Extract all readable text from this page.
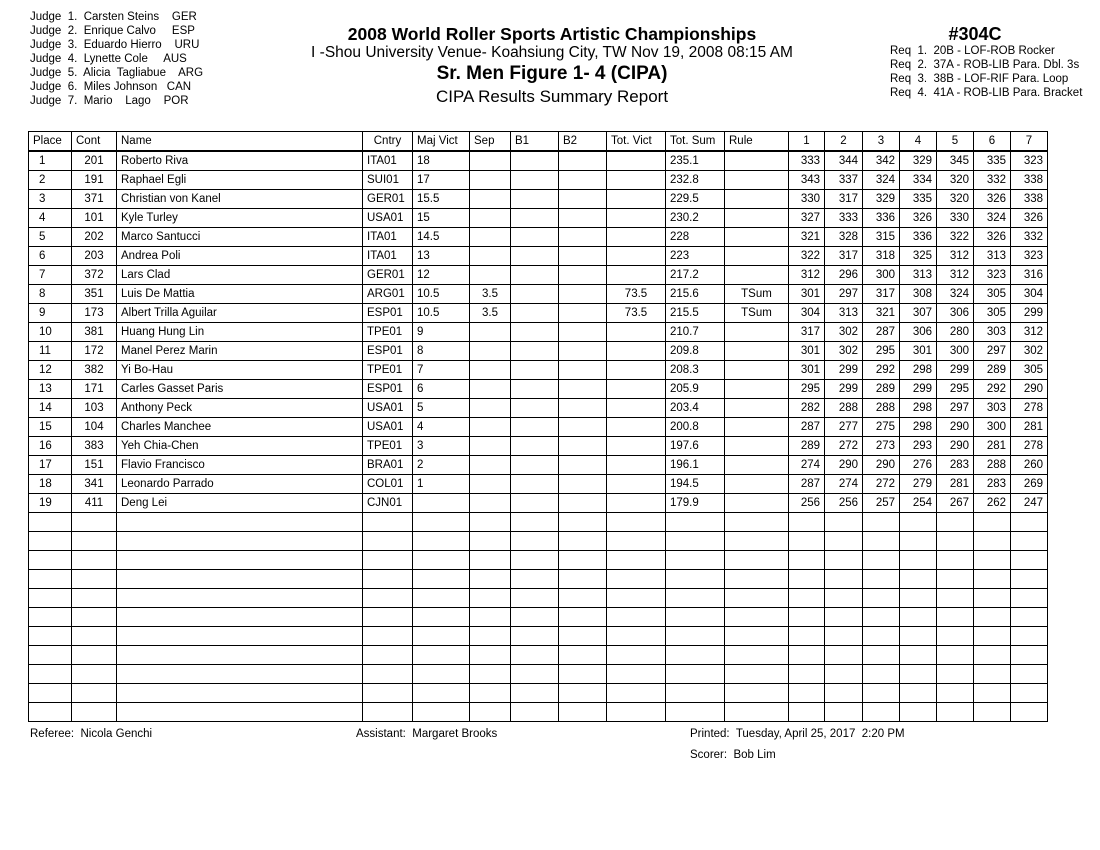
Judge  1.  Carsten Steins    GER
Judge  2.  Enrique Calvo     ESP
Judge  3.  Eduardo Hierro    URU
Judge  4.  Lynette Cole     AUS
Judge  5.  Alicia  Tagliabue    ARG
Judge  6.  Miles Johnson   CAN
Judge  7.  Mario    Lago    POR
2008 World Roller Sports Artistic Championships
I -Shou University Venue- Koahsiung City, TW Nov 19, 2008 08:15 AM
Sr. Men Figure 1- 4 (CIPA)
CIPA Results Summary Report
#304C
Req  1.  20B - LOF-ROB Rocker
Req  2.  37A - ROB-LIB Para. Dbl. 3s
Req  3.  38B - LOF-RIF Para. Loop
Req  4.  41A - ROB-LIB Para. Bracket
Place	Cont	Name	Cntry	Maj Vict	Sep	B1	B2	Tot. Vict	Tot. Sum	Rule	1	2	3	4	5	6	7
1	201	Roberto Riva	ITA01	18					235.1		333	344	342	329	345	335	323
2	191	Raphael Egli	SUI01	17					232.8		343	337	324	334	320	332	338
3	371	Christian von Kanel	GER01	15.5					229.5		330	317	329	335	320	326	338
4	101	Kyle Turley	USA01	15					230.2		327	333	336	326	330	324	326
5	202	Marco Santucci	ITA01	14.5					228		321	328	315	336	322	326	332
6	203	Andrea Poli	ITA01	13					223		322	317	318	325	312	313	323
7	372	Lars Clad	GER01	12					217.2		312	296	300	313	312	323	316
8	351	Luis De Mattia	ARG01	10.5	3.5			73.5	215.6	TSum	301	297	317	308	324	305	304
9	173	Albert Trilla Aguilar	ESP01	10.5	3.5			73.5	215.5	TSum	304	313	321	307	306	305	299
10	381	Huang Hung Lin	TPE01	9					210.7		317	302	287	306	280	303	312
11	172	Manel Perez Marin	ESP01	8					209.8		301	302	295	301	300	297	302
12	382	Yi Bo-Hau	TPE01	7					208.3		301	299	292	298	299	289	305
13	171	Carles Gasset Paris	ESP01	6					205.9		295	299	289	299	295	292	290
14	103	Anthony Peck	USA01	5					203.4		282	288	288	298	297	303	278
15	104	Charles Manchee	USA01	4					200.8		287	277	275	298	290	300	281
16	383	Yeh Chia-Chen	TPE01	3					197.6		289	272	273	293	290	281	278
17	151	Flavio Francisco	BRA01	2					196.1		274	290	290	276	283	288	260
18	341	Leonardo Parrado	COL01	1					194.5		287	274	272	279	281	283	269
19	411	Deng Lei	CJN01						179.9		256	256	257	254	267	262	247

Referee:  Nicola Genchi	Assistant:  Margaret Brooks	Printed:  Tuesday, April 25, 2017  2:20 PM
Scorer:  Bob Lim
